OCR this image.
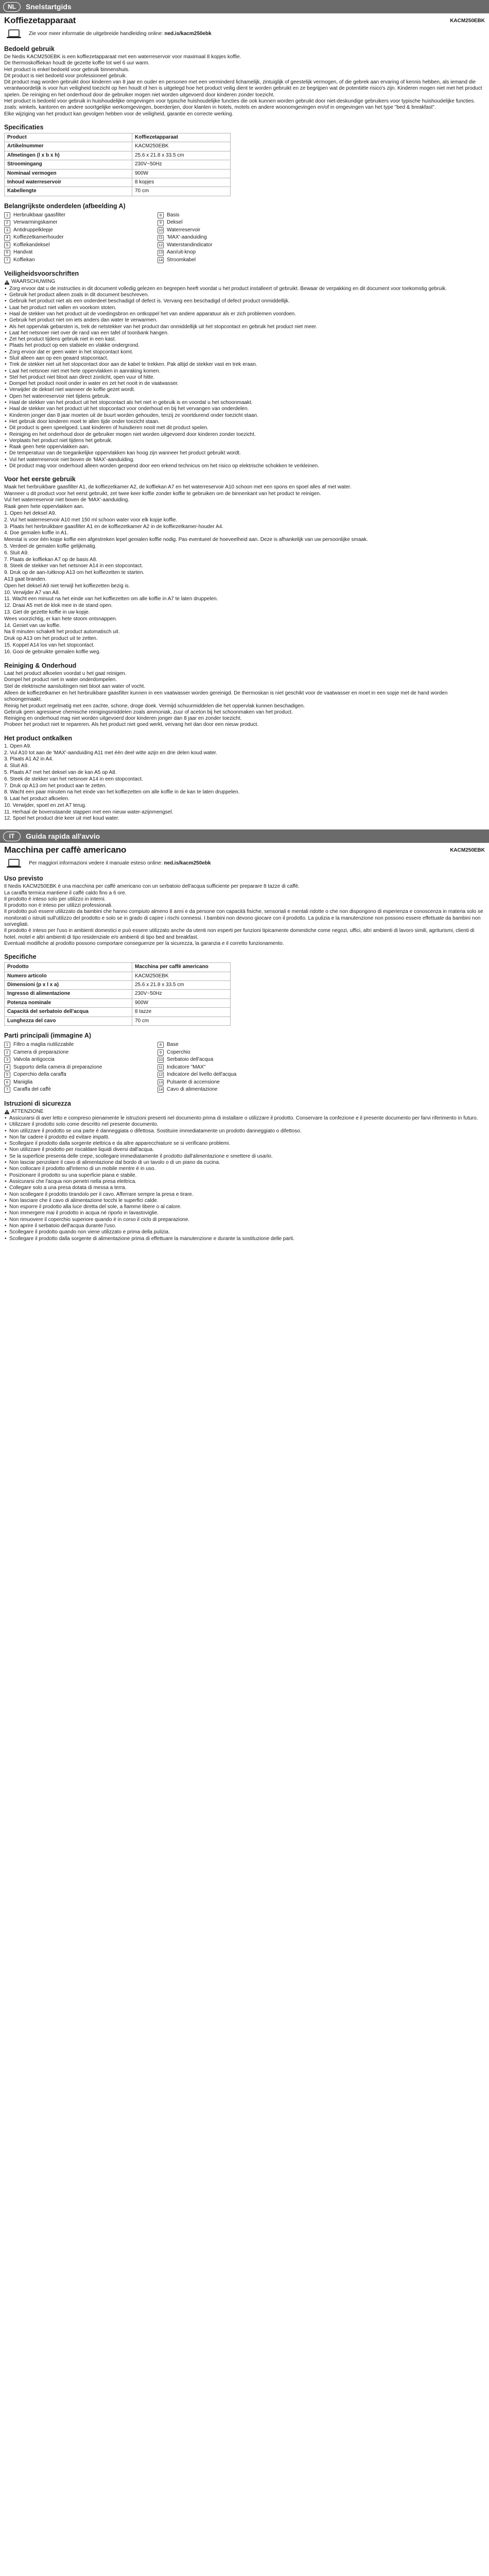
NL	Snelstartgids
Koffiezetapparaat	KACM250EBK
Zie voor meer informatie de uitgebreide handleiding online: ned.is/kacm250ebk
Bedoeld gebruik

De Nedis KACM250EBK is een koffiezetapparaat met een waterreservoir voor maximaal 8 kopjes koffie.

De thermoskoffiekan houdt de gezette koffie tot wel 6 uur warm.

Het product is enkel bedoeld voor gebruik binnenshuis.

Dit product is niet bedoeld voor professioneel gebruik.

Dit product mag worden gebruikt door kinderen van 8 jaar en ouder en personen met een verminderd lichamelijk, zintuiglijk of geestelijk vermogen, of die gebrek aan ervaring of kennis hebben, als iemand die verantwoordelijk is voor hun veiligheid toezicht op hen houdt of hen is uitgelegd hoe het product veilig dient te worden gebruikt en ze begrijpen wat de potentiële risico's zijn. Kinderen mogen niet met het product spelen. De reiniging en het onderhoud door de gebruiker mogen niet worden uitgevoerd door kinderen zonder toezicht.

Het product is bedoeld voor gebruik in huishoudelijke omgevingen voor typische huishoudelijke functies die ook kunnen worden gebruikt door niet-deskundige gebruikers voor typische huishoudelijke functies. zoals: winkels, kantoren en andere soortgelijke werkomgevingen, boerderijen, door klanten in hotels, motels en andere woonomgevingen en/of in omgevingen van het type "bed & breakfast".

Elke wijziging van het product kan gevolgen hebben voor de veiligheid, garantie en correcte werking.

Specificaties
Product	Koffiezetapparaat
Artikelnummer	KACM250EBK
Afmetingen (l x b x h)	25.6 x 21.8 x 33.5 cm
Stroomingang	230V~50Hz
Nominaal vermogen	900W
Inhoud waterreservoir	8 kopjes
Kabellengte	70 cm
Belangrijkste onderdelen (afbeelding A)
1 Herbruikbaar gaasfilter
2 Verwarmingskamer
3 Antidruppelklepje
4 Koffiezetkamerhouder
5 Koffiekandeksel
6 Handvat
7 Koffiekan
8 Basis
9 Deksel
10 Waterreservoir
11 'MAX'-aanduiding
12 Waterstandindicator
13 Aan/uit-knop
14 Stroomkabel
Veiligheidsvoorschriften
WAARSCHUWING
• Zorg ervoor dat u de instructies in dit document volledig gelezen en begrepen heeft voordat u het product installeert of gebruikt. Bewaar de verpakking en dit document voor toekomstig gebruik.
• Gebruik het product alleen zoals in dit document beschreven.
• Gebruik het product niet als een onderdeel beschadigd of defect is. Vervang een beschadigd of defect product onmiddellijk.
• Laat het product niet vallen en voorkom stoten.
• Haal de stekker van het product uit de voedingsbron en ontkoppel het van andere apparatuur als er zich problemen voordoen.
• Gebruik het product niet om iets anders dan water te verwarmen.
• Als het oppervlak gebarsten is, trek de netstekker van het product dan onmiddellijk uit het stopcontact en gebruik het product niet meer.
• Laat het netsnoer niet over de rand van een tafel of toonbank hangen.
• Zet het product tijdens gebruik niet in een kast.
• Plaats het product op een stabiele en vlakke ondergrond.
• Zorg ervoor dat er geen water in het stopcontact komt.
• Sluit alleen aan op een geaard stopcontact.
• Trek de stekker niet uit het stopcontact door aan de kabel te trekken. Pak altijd de stekker vast en trek eraan.
• Laat het netsnoer niet met hete oppervlakken in aanraking komen.
• Stel het product niet bloot aan direct zonlicht, open vuur of hitte.
• Dompel het product nooit onder in water en zet het nooit in de vaatwasser.
• Verwijder de deksel niet wanneer de koffie gezet wordt.
• Open het waterreservoir niet tijdens gebruik.
• Haal de stekker van het product uit het stopcontact als het niet in gebruik is en voordat u het schoonmaakt.
• Haal de stekker van het product uit het stopcontact voor onderhoud en bij het vervangen van onderdelen.
• Kinderen jonger dan 8 jaar moeten uit de buurt worden gehouden, tenzij ze voortdurend onder toezicht staan.
• Het gebruik door kinderen moet te allen tijde onder toezicht staan.
• Dit product is geen speelgoed. Laat kinderen of huisdieren nooit met dit product spelen.
• Reiniging en het onderhoud door de gebruiker mogen niet worden uitgevoerd door kinderen zonder toezicht.
• Verplaats het product niet tijdens het gebruik.
• Raak geen hete oppervlakken aan.
• De temperatuur van de toegankelijke oppervlakken kan hoog zijn wanneer het product gebruikt wordt.
• Vul het waterreservoir niet boven de 'MAX'-aanduiding.
• Dit product mag voor onderhoud alleen worden geopend door een erkend technicus om het risico op elektrische schokken te verkleinen.
Voor het eerste gebruik

Maak het herbruikbare gaasfilter A1, de koffiezetkamer A2, de koffiekan A7 en het waterreservoir A10 schoon met een spons en spoel alles af met water.

Wanneer u dit product voor het eerst gebruikt, zet twee keer koffie zonder koffie te gebruiken om de binnenkant van het product te reinigen.
Vul het waterreservoir niet boven de 'MAX'-aanduiding.
Raak geen hete oppervlakken aan.
1. Open het deksel A9.
2. Vul het waterreservoir A10 met 150 ml schoon water voor elk kopje koffie.
3. Plaats het herbruikbare gaasfilter A1 en de koffiezetkamer A2 in de koffiezetkamer-houder A4.
4. Doe gemalen koffie in A1.
Meestal is voor één kopje koffie een afgestreken lepel gemalen koffie nodig. Pas eventueel de hoeveelheid aan. Deze is afhankelijk van uw persoonlijke smaak.
5. Verdeel de gemalen koffie gelijkmatig.
6. Sluit A9.
7. Plaats de koffiekan A7 op de basis A8.
8. Steek de stekker van het netsnoer A14 in een stopcontact.
9. Druk op de aan-/uitknop A13 om het koffiezetten te starten.
A13 gaat branden.
Open het deksel A9 niet terwijl het koffiezetten bezig is.
10. Verwijder A7 van A8.
11. Wacht een minuut na het einde van het koffiezetten om alle koffie in A7 te laten druppelen.
12. Draai A5 met de klok mee in de stand open.
13. Giet de gezette koffie in uw kopje.
Wees voorzichtig, er kan hete stoom ontsnappen.
14. Geniet van uw koffie.
Na 8 minuten schakelt het product automatisch uit.
Druk op A13 om het product uit te zetten.
15. Koppel A14 los van het stopcontact.
16. Gooi de gebruikte gemalen koffie weg.
Reiniging & Onderhoud
Laat het product afkoelen voordat u het gaat reinigen.
Dompel het product niet in water onderdompelen.
Stel de elektrische aansluitingen niet bloot aan water of vocht.

Alleen de koffiezetkamer en het herbruikbare gaasfilter kunnen in een vaatwasser worden gereinigd. De thermoskan is niet geschikt voor de vaatwasser en moet in een sopje met de hand worden schoongemaakt.

Reinig het product regelmatig met een zachte, schone, droge doek. Vermijd schuurmiddelen die het oppervlak kunnen beschadigen.

Gebruik geen agressieve chemische reinigingsmiddelen zoals ammoniak, zuur of aceton bij het schoonmaken van het product.

Reiniging en onderhoud mag niet worden uitgevoerd door kinderen jonger dan 8 jaar en zonder toezicht.

Probeer het product niet te repareren. Als het product niet goed werkt, vervang het dan door een nieuw product.

Het product ontkalken
1. Open A9.
2. Vul A10 tot aan de 'MAX'-aanduiding A11 met één deel witte azijn en drie delen koud water.
3. Plaats A1 A2 in A4.
4. Sluit A9.
5. Plaats A7 met het deksel van de kan A5 op A8.
6. Steek de stekker van het netsnoer A14 in een stopcontact.
7. Druk op A13 om het product aan te zetten.
8. Wacht een paar minuten na het einde van het koffiezetten om alle koffie in de kan te laten druppelen.
9. Laat het product afkoelen.
10. Verwijder, spoel en zet A7 terug.
11. Herhaal de bovenstaande stappen met een nieuw water-azijnmengsel.
12. Spoel het product drie keer uit met koud water.
IT	Guida rapida all'avvio
Macchina per caffè americano	KACM250EBK
Per maggiori informazioni vedere il manuale esteso online: ned.is/kacm250ebk
Uso previsto

Il Nedis KACM250EBK è una macchina per caffè americano con un serbatoio dell'acqua sufficiente per preparare 8 tazze di caffè.

La caraffa termica mantiene il caffè caldo fino a 6 ore.

Il prodotto è inteso solo per utilizzo in interni.

Il prodotto non è inteso per utilizzi professionali.

Il prodotto può essere utilizzato da bambini che hanno compiuto almeno 8 anni e da persone con capacità fisiche, sensoriali e mentali ridotte o che non dispongono di esperienza e conoscenza in materia solo se monitorati o istruiti sull'utilizzo del prodotto e solo se in grado di capire i rischi connessi. I bambini non devono giocare con il prodotto. La pulizia e la manutenzione non possono essere effettuate da bambini non sorvegliati.

Il prodotto è inteso per l'uso in ambienti domestici e può essere utilizzato anche da utenti non esperti per funzioni tipicamente domestiche come negozi, uffici, altri ambienti di lavoro simili, agriturismi, clienti di hotel, motel e altri ambienti di tipo residenziale e/o ambienti di tipo bed and breakfast.

Eventuali modifiche al prodotto possono comportare conseguenze per la sicurezza, la garanzia e il corretto funzionamento.

Specifiche
Prodotto	Macchina per caffè americano
Numero articolo	KACM250EBK
Dimensioni (p x l x a)	25.6 x 21.8 x 33.5 cm
Ingresso di alimentazione	230V~50Hz
Potenza nominale	900W
Capacità del serbatoio dell'acqua	8 tazze
Lunghezza del cavo	70 cm
Parti principali (immagine A)
1 Filtro a maglia riutilizzabile
2 Camera di preparazione
3 Valvola antigoccia
4 Supporto della camera di preparazione
5 Coperchio della caraffa
6 Maniglia
7 Caraffa del caffè
8 Base
9 Coperchio
10 Serbatoio dell'acqua
11 Indicatore "MAX"
12 Indicatore del livello dell'acqua
13 Pulsante di accensione
14 Cavo di alimentazione
Istruzioni di sicurezza
ATTENZIONE
• Assicurarsi di aver letto e compreso pienamente le istruzioni presenti nel documento prima di installare o utilizzare il prodotto. Conservare la confezione e il presente documento per farvi riferimento in futuro.
• Utilizzare il prodotto solo come descritto nel presente documento.
• Non utilizzare il prodotto se una parte è danneggiata o difettosa. Sostituire immediatamente un prodotto danneggiato o difettoso.
• Non far cadere il prodotto ed evitare impatti.
• Scollegare il prodotto dalla sorgente elettrica e da altre apparecchiature se si verificano problemi.
• Non utilizzare il prodotto per riscaldare liquidi diversi dall'acqua.
• Se la superficie presenta delle crepe, scollegare immediatamente il prodotto dall'alimentazione e smettere di usarlo.
• Non lasciar penzolare il cavo di alimentazione dal bordo di un tavolo o di un piano da cucina.
• Non collocare il prodotto all'interno di un mobile mentre è in uso.
• Posizionare il prodotto su una superficie piana e stabile.
• Assicurarsi che l'acqua non penetri nella presa elettrica.
• Collegare solo a una presa dotata di messa a terra.
• Non scollegare il prodotto tirandolo per il cavo. Afferrare sempre la presa e tirare.
• Non lasciare che il cavo di alimentazione tocchi le superfici calde.
• Non esporre il prodotto alla luce diretta del sole, a fiamme libere o al calore.
• Non immergere mai il prodotto in acqua né riporlo in lavastoviglie.
• Non rimuovere il coperchio superiore quando è in corso il ciclo di preparazione.
• Non aprire il serbatoio dell'acqua durante l'uso.
• Scollegare il prodotto quando non viene utilizzato e prima della pulizia.
• Scollegare il prodotto dalla sorgente di alimentazione prima di effettuare la manutenzione e durante la sostituzione delle parti.
